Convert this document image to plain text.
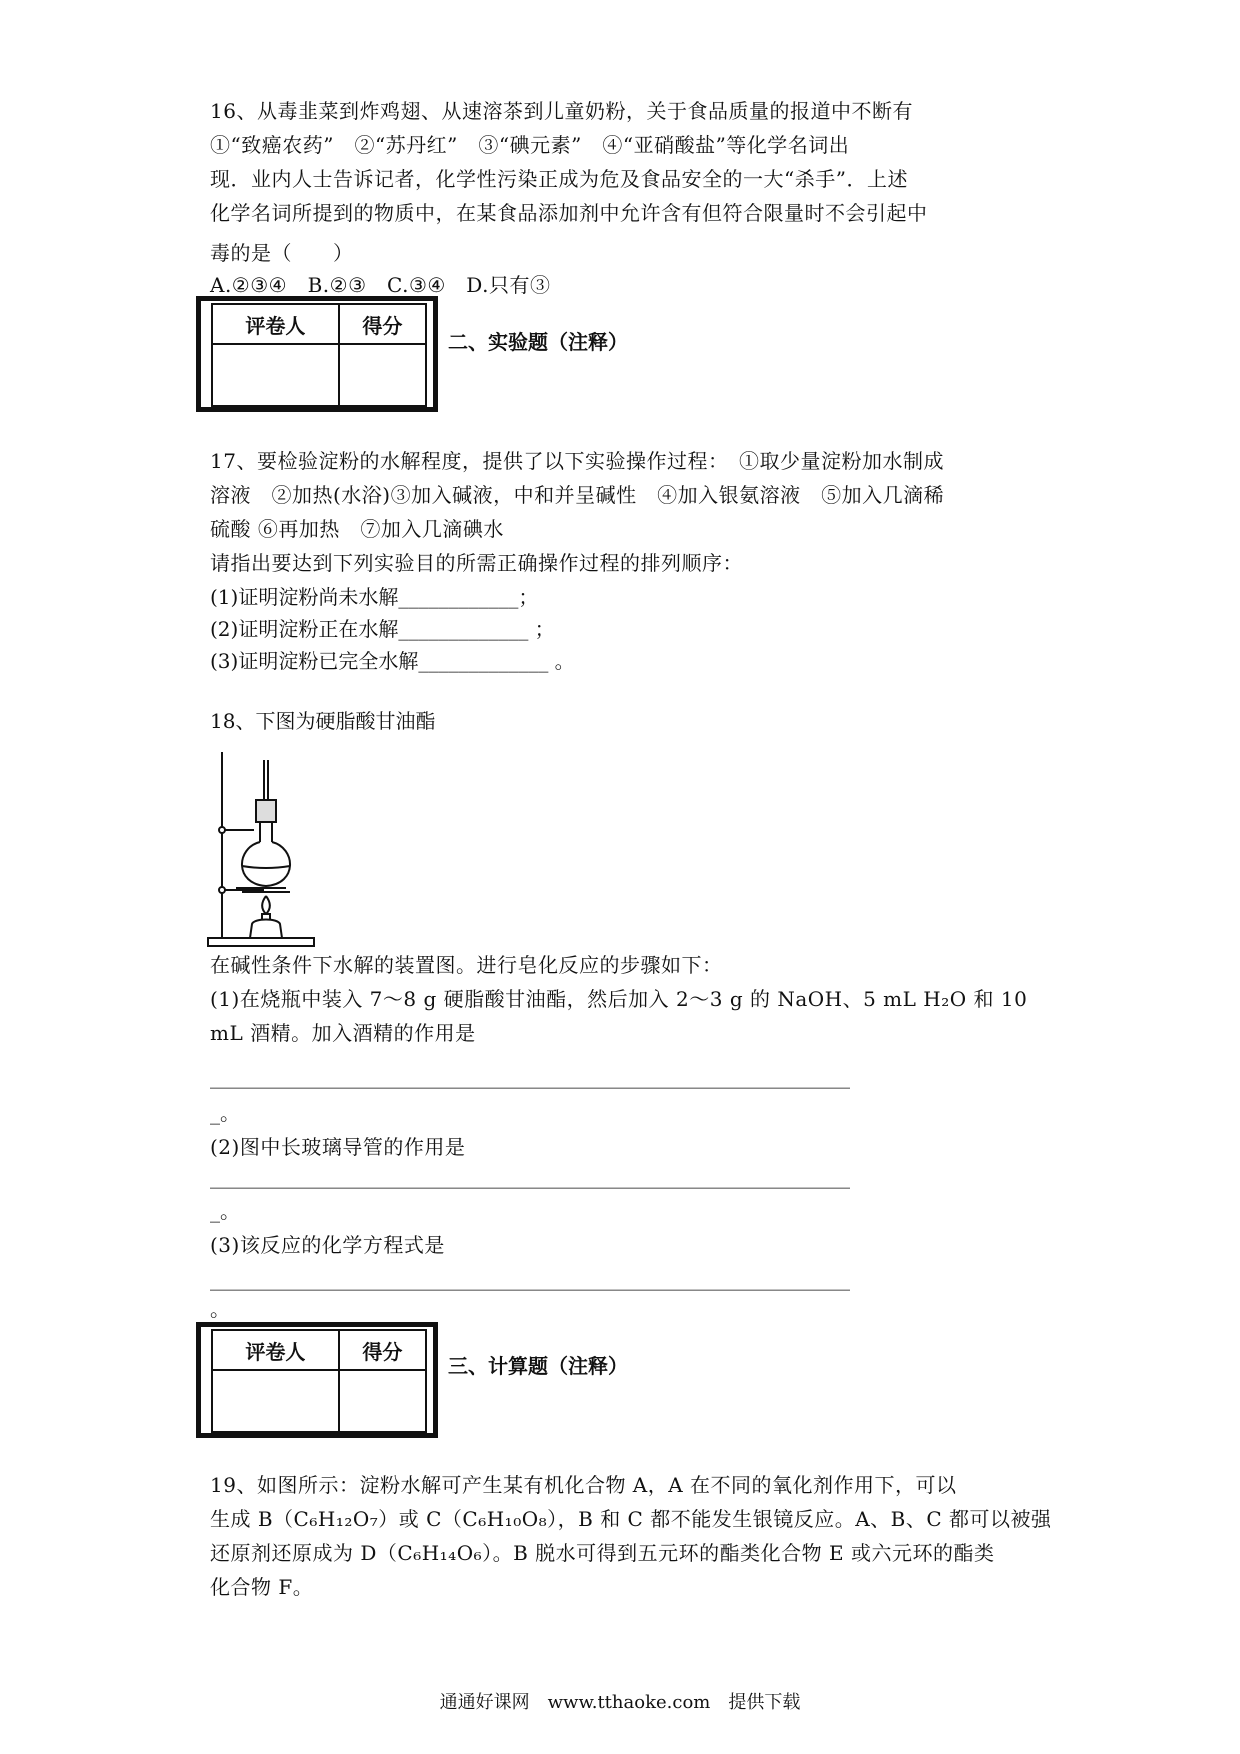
16、从毒韭菜到炸鸡翅、从速溶茶到儿童奶粉，关于食品质量的报道中不断有
①“致癌农药”　②“苏丹红”　③“碘元素”　④“亚硝酸盐”等化学名词出
现．业内人士告诉记者，化学性污染正成为危及食品安全的一大“杀手”．上述
化学名词所提到的物质中，在某食品添加剂中允许含有但符合限量时不会引起中
毒的是（　　）
A.②③④　B.②③　C.③④　D.只有③
评卷人	得分

二、实验题（注释）
17、要检验淀粉的水解程度，提供了以下实验操作过程：　①取少量淀粉加水制成
溶液　②加热(水浴)③加入碱液，中和并呈碱性　④加入银氨溶液　⑤加入几滴稀
硫酸 ⑥再加热　⑦加入几滴碘水
请指出要达到下列实验目的所需正确操作过程的排列顺序：
(1)证明淀粉尚未水解____________；
(2)证明淀粉正在水解_____________ ；
(3)证明淀粉已完全水解_____________ 。
18、下图为硬脂酸甘油酯
在碱性条件下水解的装置图。进行皂化反应的步骤如下：
(1)在烧瓶中装入 7～8 g 硬脂酸甘油酯，然后加入 2～3 g 的 NaOH、5 mL H₂O 和 10
mL 酒精。加入酒精的作用是
________________________________________________________________
_。
(2)图中长玻璃导管的作用是
________________________________________________________________
_。
(3)该反应的化学方程式是
________________________________________________________________
。
评卷人	得分

三、计算题（注释）
19、如图所示：淀粉水解可产生某有机化合物 A，A 在不同的氧化剂作用下，可以
生成 B（C₆H₁₂O₇）或 C（C₆H₁₀O₈），B 和 C 都不能发生银镜反应。A、B、C 都可以被强
还原剂还原成为 D（C₆H₁₄O₆）。B 脱水可得到五元环的酯类化合物 E 或六元环的酯类
化合物 F。
通通好课网　www.tthaoke.com　提供下载
